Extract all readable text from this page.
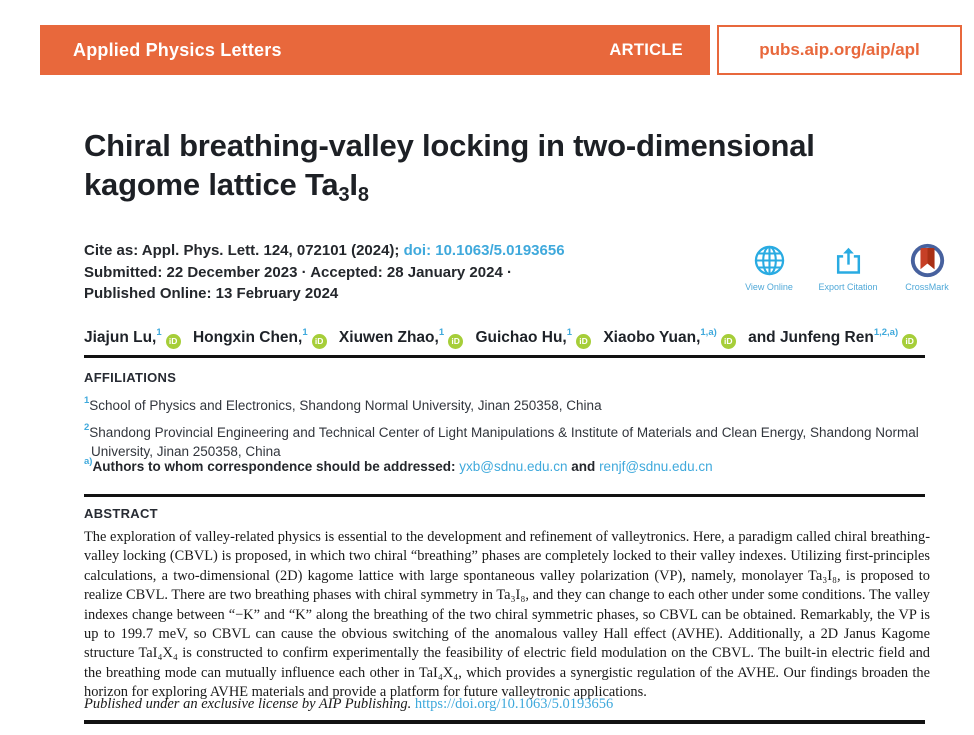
Applied Physics Letters	ARTICLE	pubs.aip.org/aip/apl
Chiral breathing-valley locking in two-dimensional
kagome lattice $Ta_3I_8$
Cite as: Appl. Phys. Lett. 124, 072101 (2024); doi: 10.1063/5.0193656
Submitted: 22 December 2023 · Accepted: 28 January 2024 ·
Published Online: 13 February 2024	View Online	Export Citation	CrossMark
Jiajun Lu,$^1$iD Hongxin Chen,$^1$iD Xiuwen Zhao,$^1$iD Guichao Hu,$^1$iD Xiaobo Yuan,$^{1,a)}$iD and Junfeng Ren$^{1,2,a)}$iD
AFFILIATIONS
$^1$School of Physics and Electronics, Shandong Normal University, Jinan 250358, China
$^2$Shandong Provincial Engineering and Technical Center of Light Manipulations & Institute of Materials and Clean Energy, Shandong Normal University, Jinan 250358, China
$^{a)}$Authors to whom correspondence should be addressed: yxb@sdnu.edu.cn and renjf@sdnu.edu.cn
ABSTRACT

The exploration of valley-related physics is essential to the development and refinement of valleytronics. Here, a paradigm called chiral breathing-valley locking (CBVL) is proposed, in which two chiral “breathing” phases are completely locked to their valley indexes. Utilizing first-principles calculations, a two-dimensional (2D) kagome lattice with large spontaneous valley polarization (VP), namely, monolayer Ta₃I₈, is proposed to realize CBVL. There are two breathing phases with chiral symmetry in Ta₃I₈, and they can change to each other under some conditions. The valley indexes change between “−K” and “K” along the breathing of the two chiral symmetric phases, so CBVL can be obtained. Remarkably, the VP is up to 199.7 meV, so CBVL can cause the obvious switching of the anomalous valley Hall effect (AVHE). Additionally, a 2D Janus Kagome structure TaI₄X₄ is constructed to confirm experimentally the feasibility of electric field modulation on the CBVL. The built-in electric field and the breathing mode can mutually influence each other in TaI₄X₄, which provides a synergistic regulation of the AVHE. Our findings broaden the horizon for exploring AVHE materials and provide a platform for future valleytronic applications.

Published under an exclusive license by AIP Publishing. https://doi.org/10.1063/5.0193656
